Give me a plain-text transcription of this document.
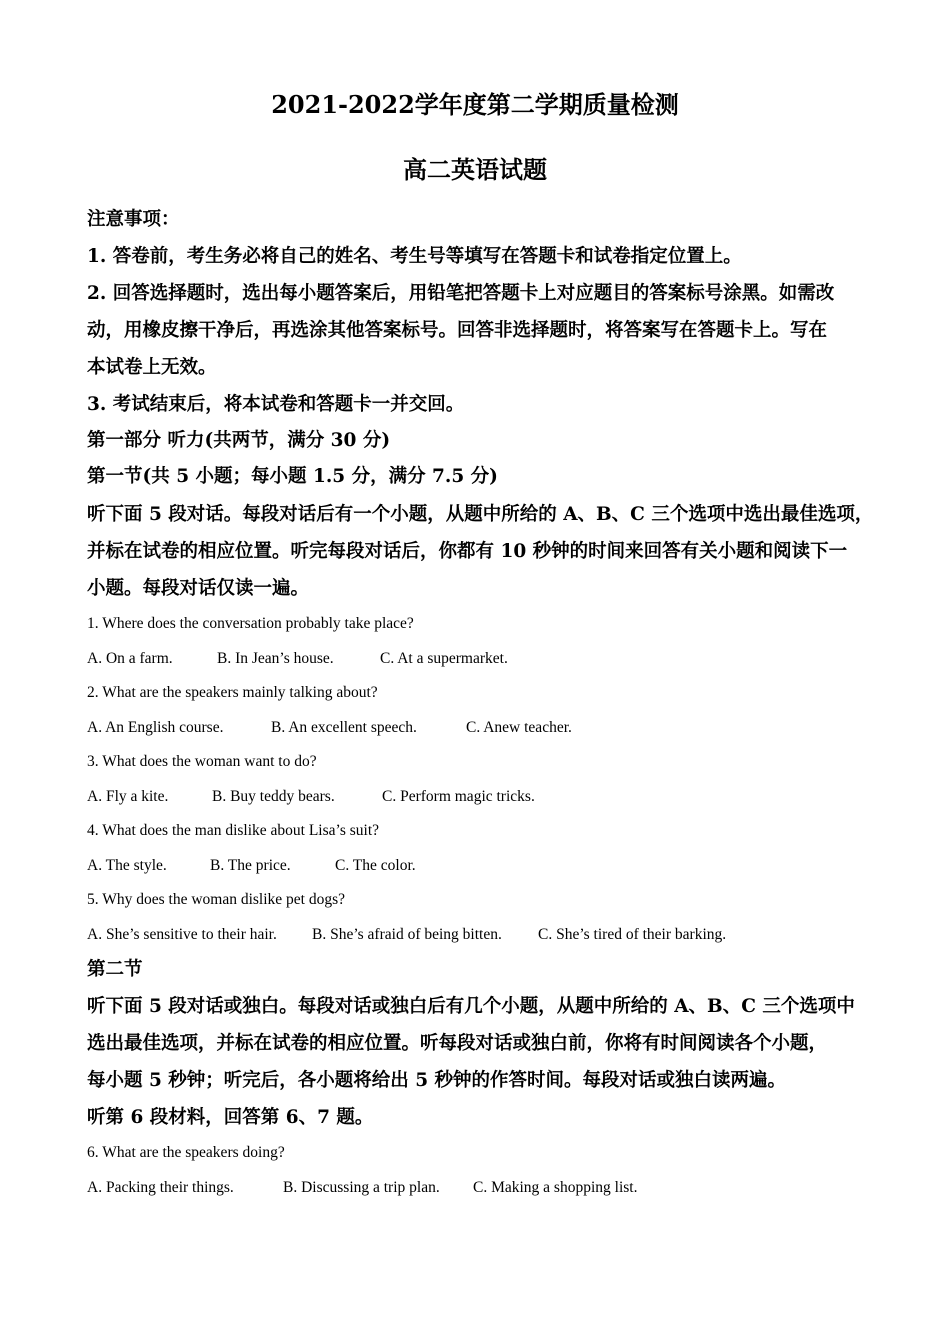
2021-2022学年度第二学期质量检测
高二英语试题
注意事项：
1. 答卷前，考生务必将自己的姓名、考生号等填写在答题卡和试卷指定位置上。
2. 回答选择题时，选出每小题答案后，用铅笔把答题卡上对应题目的答案标号涂黑。如需改
动，用橡皮擦干净后，再选涂其他答案标号。回答非选择题时，将答案写在答题卡上。写在
本试卷上无效。
3. 考试结束后，将本试卷和答题卡一并交回。
第一部分 听力(共两节，满分 30 分)
第一节(共 5 小题；每小题 1.5 分，满分 7.5 分)
听下面 5 段对话。每段对话后有一个小题，从题中所给的 A、B、C 三个选项中选出最佳选项，
并标在试卷的相应位置。听完每段对话后，你都有 10 秒钟的时间来回答有关小题和阅读下一
小题。每段对话仅读一遍。
1. Where does the conversation probably take place?
A. On a farm.	B. In Jean’s house.	C. At a supermarket.
2. What are the speakers mainly talking about?
A. An English course.	B. An excellent speech.	C. Anew teacher.
3. What does the woman want to do?
A. Fly a kite.	B. Buy teddy bears.	C. Perform magic tricks.
4. What does the man dislike about Lisa’s suit?
A. The style.	B. The price.	C. The color.
5. Why does the woman dislike pet dogs?
A. She’s sensitive to their hair. B. She’s afraid of being bitten. C. She’s tired of their barking.
第二节
听下面 5 段对话或独白。每段对话或独白后有几个小题，从题中所给的 A、B、C 三个选项中
选出最佳选项，并标在试卷的相应位置。听每段对话或独白前，你将有时间阅读各个小题，
每小题 5 秒钟；听完后，各小题将给出 5 秒钟的作答时间。每段对话或独白读两遍。
听第 6 段材料，回答第 6、7 题。
6. What are the speakers doing?
A. Packing their things.	B. Discussing a trip plan. C. Making a shopping list.
